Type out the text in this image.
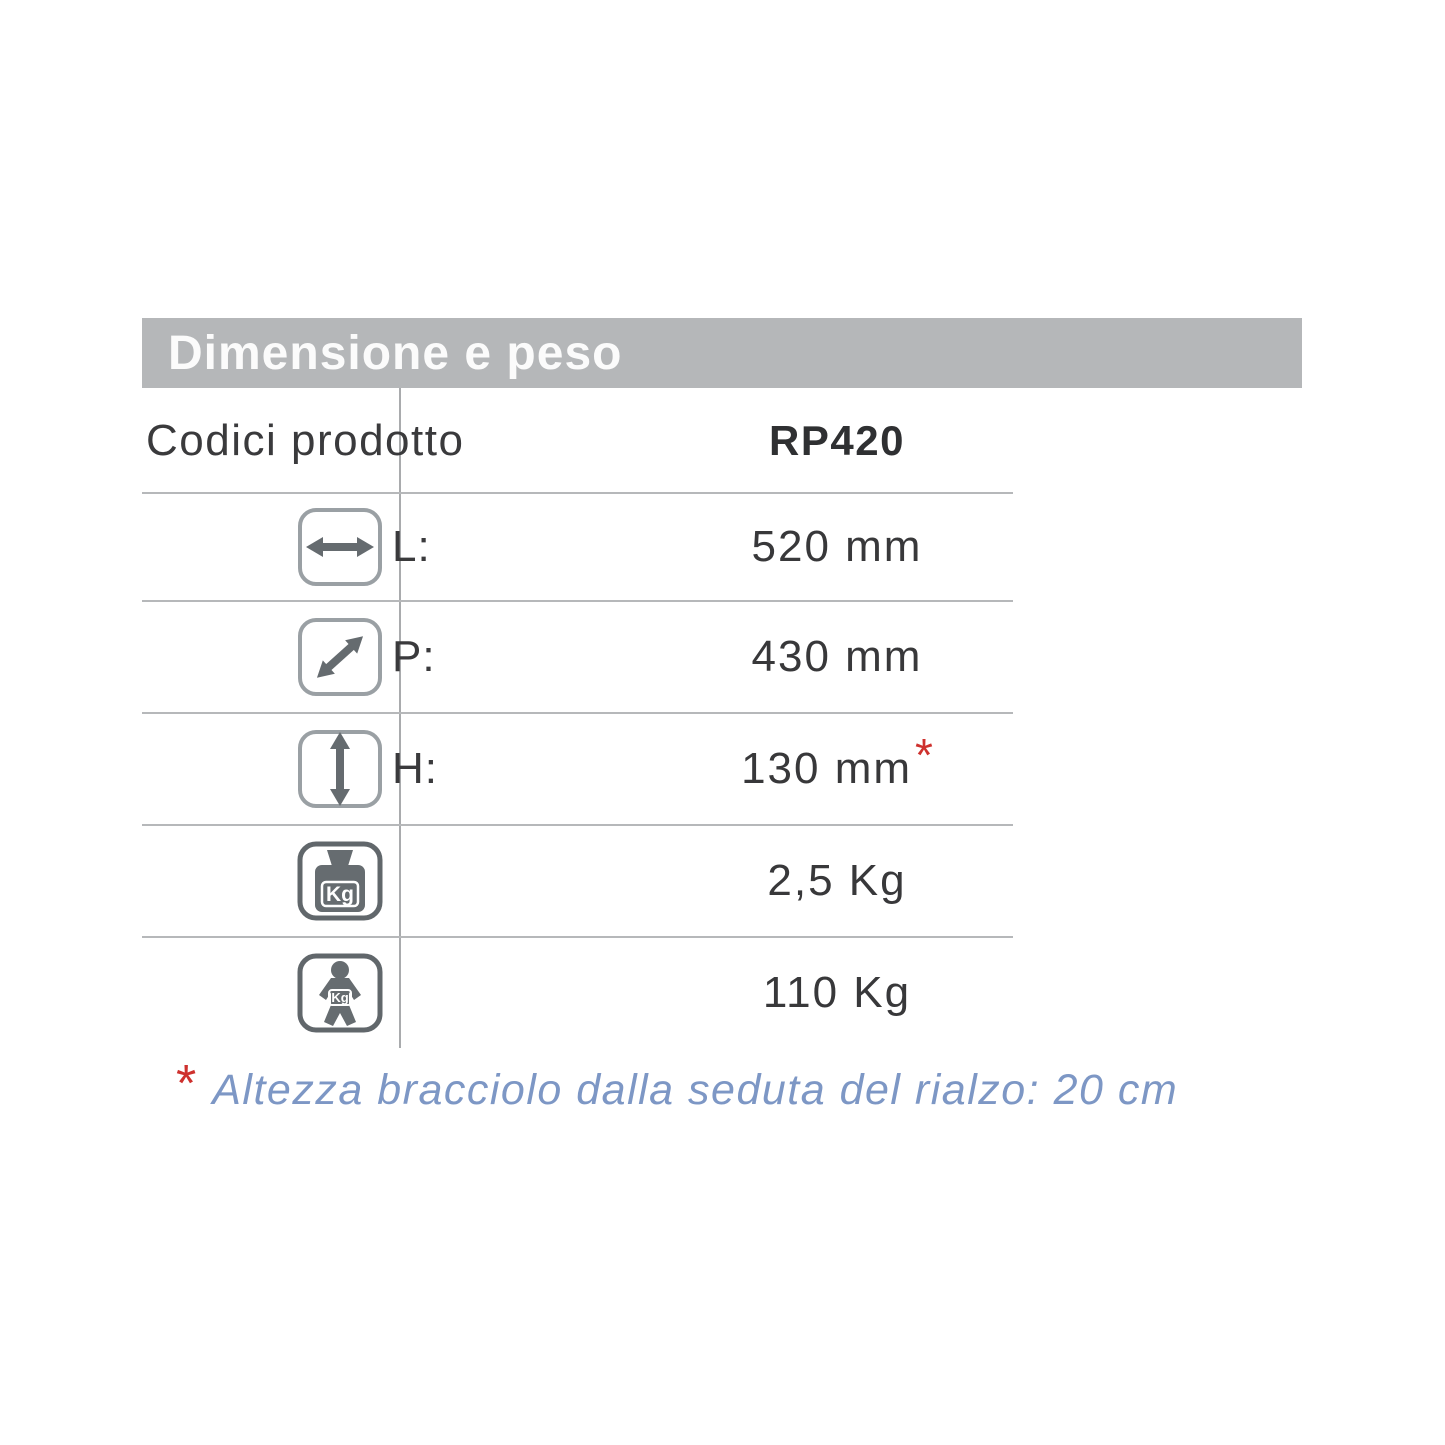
Dimensione e peso
Codici prodotto	RP420
L:	520 mm
P:	430 mm
H:	130 mm *
Kg	2,5 Kg
Kg	110 Kg
* Altezza bracciolo dalla seduta del rialzo: 20 cm
